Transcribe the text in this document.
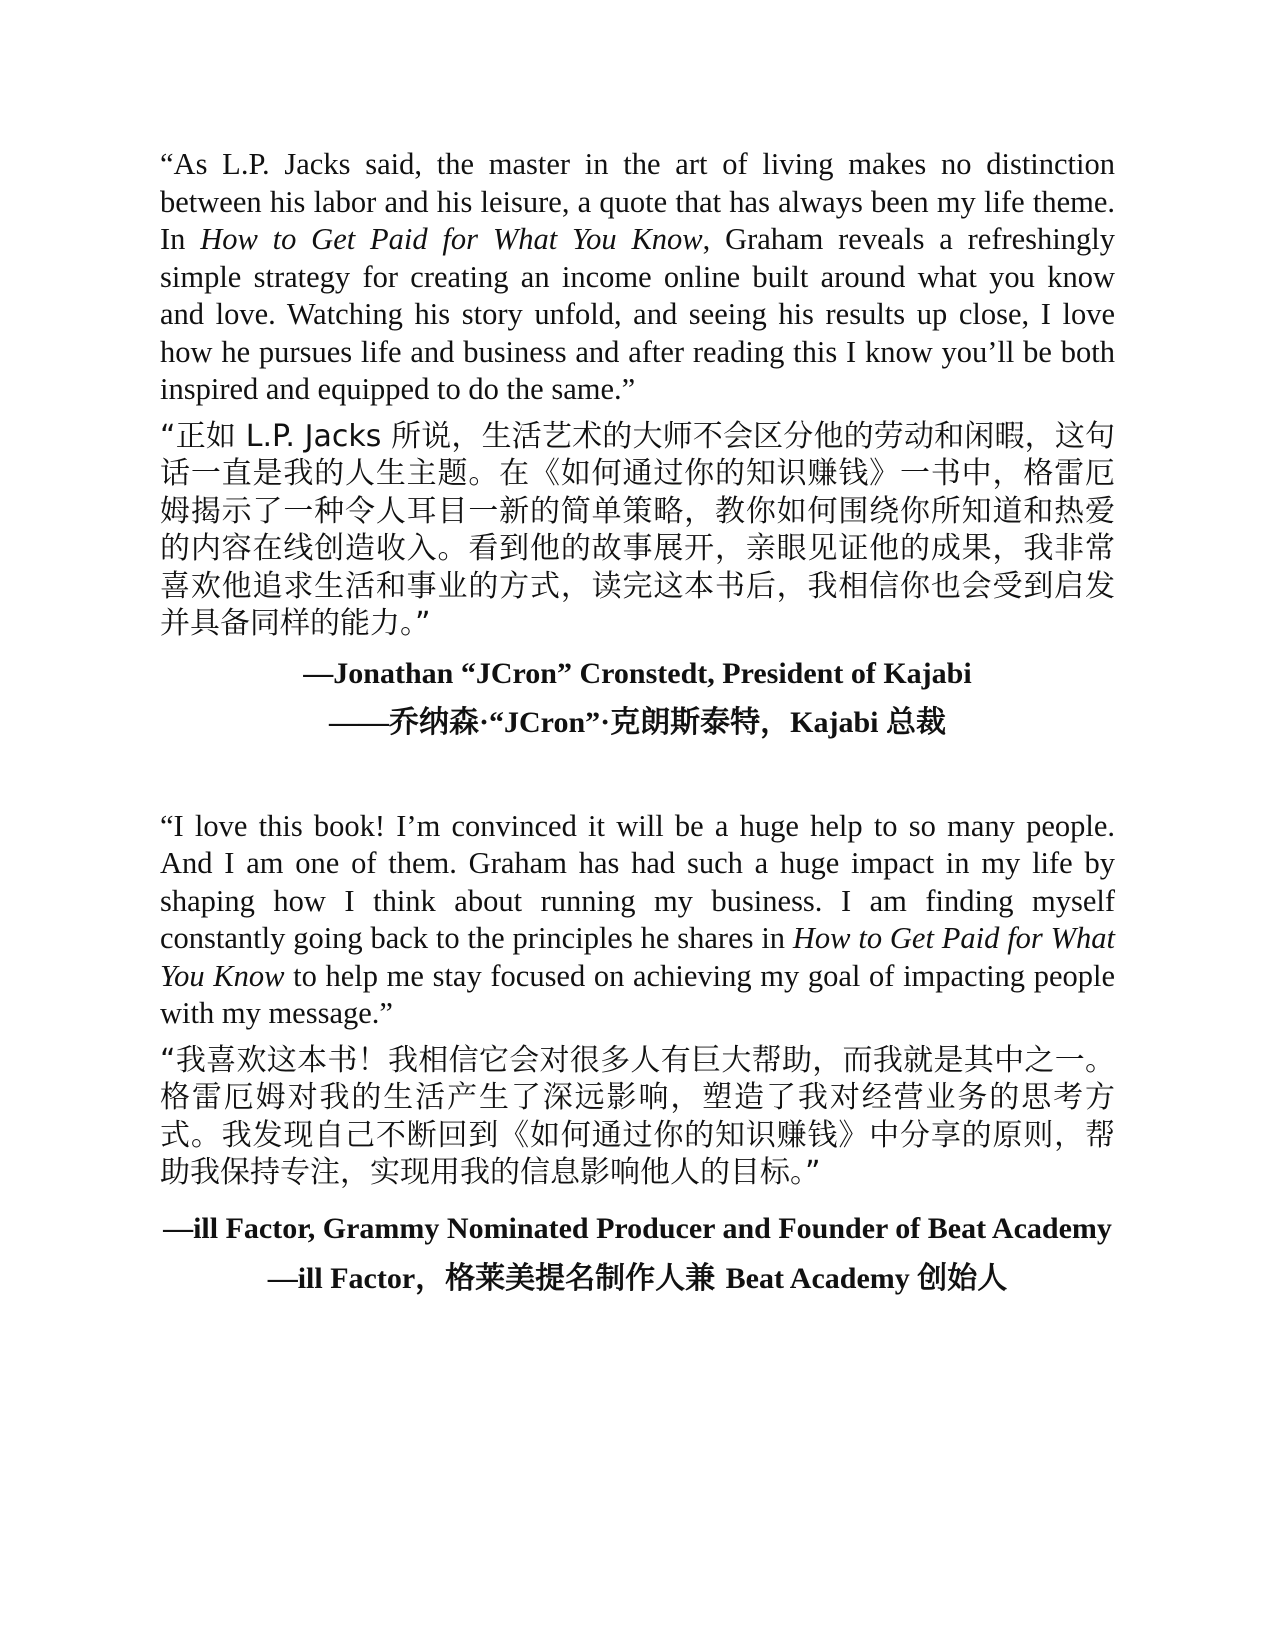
“As L.P. Jacks said, the master in the art of living makes no distinction between his labor and his leisure, a quote that has always been my life theme. In How to Get Paid for What You Know, Graham reveals a refreshingly simple strategy for creating an income online built around what you know and love. Watching his story unfold, and seeing his results up close, I love how he pursues life and business and after reading this I know you’ll be both inspired and equipped to do the same.”

“正如 L.P. Jacks 所说，生活艺术的大师不会区分他的劳动和闲暇，这句话一直是我的人生主题。在《如何通过你的知识赚钱》一书中，格雷厄姆揭示了一种令人耳目一新的简单策略，教你如何围绕你所知道和热爱的内容在线创造收入。看到他的故事展开，亲眼见证他的成果，我非常喜欢他追求生活和事业的方式，读完这本书后，我相信你也会受到启发并具备同样的能力。”

—Jonathan “JCron” Cronstedt, President of Kajabi

——乔纳森·“JCron”·克朗斯泰特，Kajabi 总裁

“I love this book! I’m convinced it will be a huge help to so many people. And I am one of them. Graham has had such a huge impact in my life by shaping how I think about running my business. I am finding myself constantly going back to the principles he shares in How to Get Paid for What You Know to help me stay focused on achieving my goal of impacting people with my message.”

“我喜欢这本书！我相信它会对很多人有巨大帮助，而我就是其中之一。格雷厄姆对我的生活产生了深远影响，塑造了我对经营业务的思考方式。我发现自己不断回到《如何通过你的知识赚钱》中分享的原则，帮助我保持专注，实现用我的信息影响他人的目标。”

—ill Factor, Grammy Nominated Producer and Founder of Beat Academy

—ill Factor，格莱美提名制作人兼 Beat Academy 创始人
